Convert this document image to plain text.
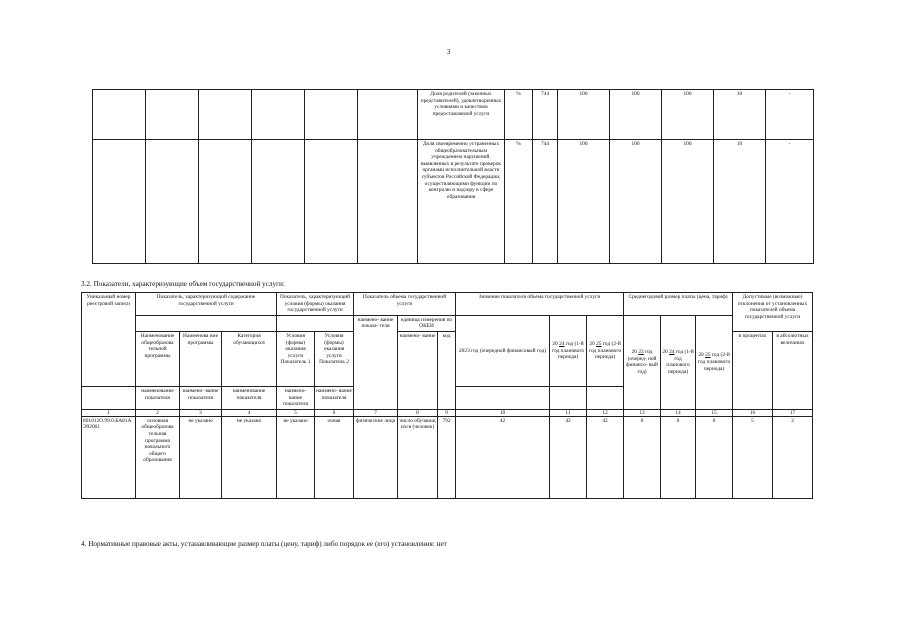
3
						Доля родителей (законных представителей), удовлетворенных условиями и качеством предоставляемой услуги	%	744	100	100	100	10	-
						Доля своевременно устраненных общеобразовательным учреждением нарушений, выявленных в результате проверок органами исполнительной власти субъектов Российской Федерации, осуществляющими функции по контролю и надзору в сфере образования	%	744	100	100	100	10	-
3.2. Показатели, характеризующие объем государственной услуги:
Уникальный номер реестровой записи	Показатель, характеризующий содержание государственной услуги			Показатель, характеризующий условия (формы) оказания государственной услуги		Показатель объема государственной услуги			Значение показателя объема государственной услуги			Среднегодовой размер платы (цена, тариф)			Допустимые (возможные) отклонения от установленных показателей объема государственной услуги	
						наимено- вание показа- теля	единица измерения по ОКЕИ		2023 год (очередной финансовый год)	20 24 год (1-й год планового периода)	20 25 год (2-й год планового периода)	20 23 год (очеред- ной финансо- вый год)	20 24 год (1-й год планового периода)	20 25 год (2-й год планового периода)		
	Наименование общеобразова тельной программы	Наименова ние программы	Категория обучающихся	Условия (формы) оказания услуги Показатель 1	Условия (формы) оказания услуги Показатель 2		наимено- вание	код							в процентах	в абсолютных величинах
	наименование показателя	наимено- вание показателя	наименование показателя	наимено- вание показателя	наимено- вание показателя											
1	2	3	4	5	6	7	8	9	10	11	12	13	14	15	16	17
801012О.99.0.БА81АЭ92001	основная общеобразова тельная программа начального общего образования	не указано	не указано	не указано	очная	физические лица	число обучающ ихся (человек)	792	42	42	42	0	0	0	5	2
4. Нормативные правовые акты, устанавливающие размер платы (цену, тариф) либо порядок ее (его) установления: нет
